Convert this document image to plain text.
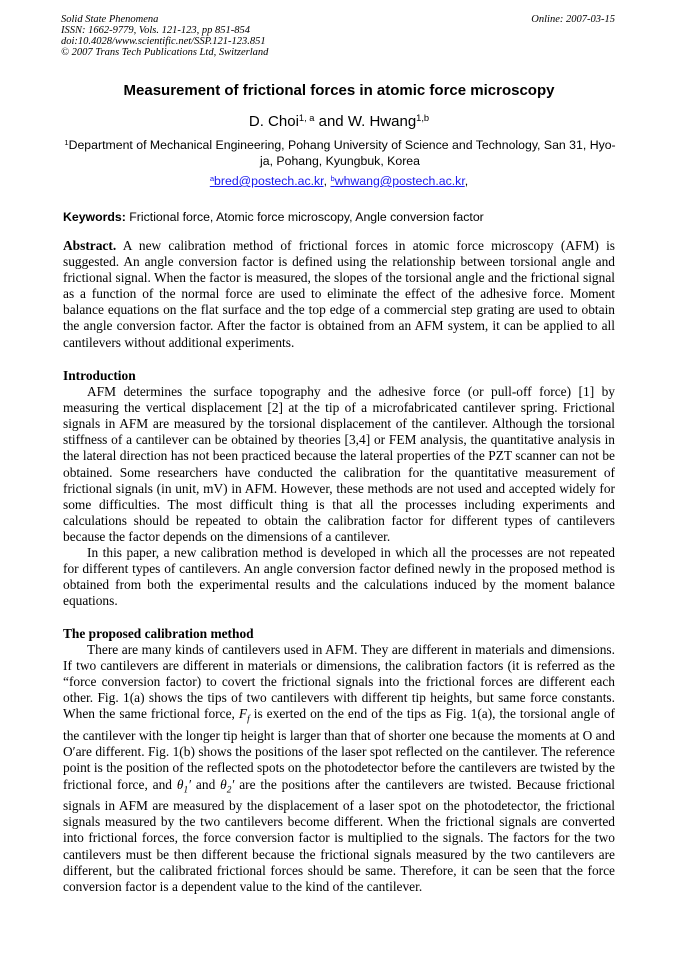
Solid State Phenomena
ISSN: 1662-9779, Vols. 121-123, pp 851-854
doi:10.4028/www.scientific.net/SSP.121-123.851
© 2007 Trans Tech Publications Ltd, Switzerland
Online: 2007-03-15
Measurement of frictional forces in atomic force microscopy
D. Choi$^{1, a}$ and W. Hwang$^{1,b}$
$^1$Department of Mechanical Engineering, Pohang University of Science and Technology, San 31, Hyo-ja, Pohang, Kyungbuk, Korea
$^a$bred@postech.ac.kr, $^b$whwang@postech.ac.kr,
Keywords: Frictional force, Atomic force microscopy, Angle conversion factor

Abstract. A new calibration method of frictional forces in atomic force microscopy (AFM) is suggested. An angle conversion factor is defined using the relationship between torsional angle and frictional signal. When the factor is measured, the slopes of the torsional angle and the frictional signal as a function of the normal force are used to eliminate the effect of the adhesive force. Moment balance equations on the flat surface and the top edge of a commercial step grating are used to obtain the angle conversion factor. After the factor is obtained from an AFM system, it can be applied to all cantilevers without additional experiments.

Introduction

AFM determines the surface topography and the adhesive force (or pull-off force) [1] by measuring the vertical displacement [2] at the tip of a microfabricated cantilever spring. Frictional signals in AFM are measured by the torsional displacement of the cantilever. Although the torsional stiffness of a cantilever can be obtained by theories [3,4] or FEM analysis, the quantitative analysis in the lateral direction has not been practiced because the lateral properties of the PZT scanner can not be obtained. Some researchers have conducted the calibration for the quantitative measurement of frictional signals (in unit, mV) in AFM. However, these methods are not used and accepted widely for some difficulties. The most difficult thing is that all the processes including experiments and calculations should be repeated to obtain the calibration factor for different types of cantilevers because the factor depends on the dimensions of a cantilever.

In this paper, a new calibration method is developed in which all the processes are not repeated for different types of cantilevers. An angle conversion factor defined newly in the proposed method is obtained from both the experimental results and the calculations induced by the moment balance equations.

The proposed calibration method

There are many kinds of cantilevers used in AFM. They are different in materials and dimensions. If two cantilevers are different in materials or dimensions, the calibration factors (it is referred as the “force conversion factor) to covert the frictional signals into the frictional forces are different each other. Fig. 1(a) shows the tips of two cantilevers with different tip heights, but same force constants. When the same frictional force, $F_f$ is exerted on the end of the tips as Fig. 1(a), the torsional angle of the cantilever with the longer tip height is larger than that of shorter one because the moments at O and O′are different. Fig. 1(b) shows the positions of the laser spot reflected on the cantilever. The reference point is the position of the reflected spots on the photodetector before the cantilevers are twisted by the frictional force, and $\theta_1'$ and $\theta_2'$ are the positions after the cantilevers are twisted. Because frictional signals in AFM are measured by the displacement of a laser spot on the photodetector, the frictional signals measured by the two cantilevers become different. When the frictional signals are converted into frictional forces, the force conversion factor is multiplied to the signals. The factors for the two cantilevers must be then different because the frictional signals measured by the two cantilevers are different, but the calibrated frictional forces should be same. Therefore, it can be seen that the force conversion factor is a dependent value to the kind of the cantilever.
